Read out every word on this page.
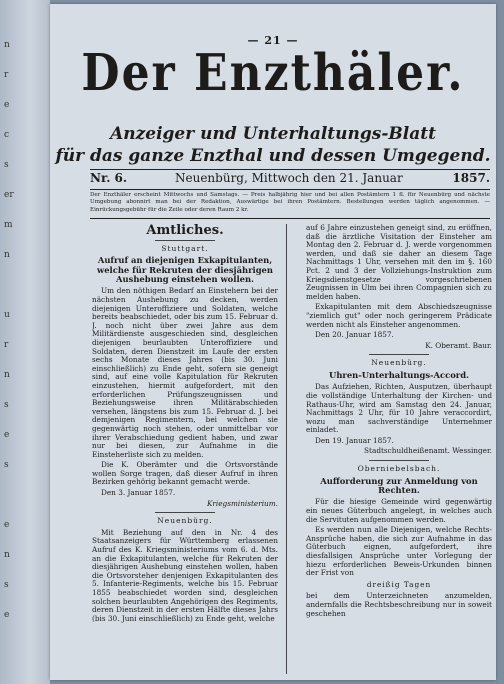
n
r
e
c
s
er
m
n
u
r
n
s
e
s
e
n
s
e
— 21 —
Der Enzthäler.
Anzeiger und Unterhaltungs-Blatt
für das ganze Enzthal und dessen Umgegend.
Nr. 6.	Neuenbürg, Mittwoch den 21. Januar	1857.
Der Enzthäler erscheint Mittwochs und Samstags. — Preis halbjährig hier und bei allen Postämtern 1 fl. für Neuenbürg und nächste Umgebung abonnirt man bei der Redaktion, Auswärtige bei ihren Postämtern. Bestellungen werden täglich angenommen. — Einrückungsgebühr für die Zeile oder deren Raum 2 kr.

Amtliches.

Stuttgart.

Aufruf an diejenigen Exkapitulanten, welche für Rekruten der diesjährigen Aushebung einstehen wollen.

Um den nöthigen Bedarf an Einstehern bei der nächsten Aushebung zu decken, werden diejenigen Unteroffiziere und Soldaten, welche bereits beabschiedet, oder bis zum 15. Februar d. J. noch nicht über zwei Jahre aus dem Militärdienste ausgeschieden sind, desgleichen diejenigen beurlaubten Unteroffiziere und Soldaten, deren Dienstzeit im Laufe der ersten sechs Monate dieses Jahres (bis 30. Juni einschließlich) zu Ende geht, sofern sie geneigt sind, auf eine volle Kapitulation für Rekruten einzustehen, hiermit aufgefordert, mit den erforderlichen Prüfungszeugnissen und Beziehungsweise ihren Militärabschieden versehen, längstens bis zum 15. Februar d. J. bei demjenigen Regimentern, bei welchen sie gegenwärtig noch stehen, oder unmittelbar vor ihrer Verabschiedung gedient haben, und zwar nur bei diesen, zur Aufnahme in die Einsteherliste sich zu melden.

Die K. Oberämter und die Ortsvorstände wollen Sorge tragen, daß dieser Aufruf in ihren Bezirken gehörig bekannt gemacht werde.

Den 3. Januar 1857.

Kriegsministerium.

Neuenbürg.

Mit Beziehung auf den in Nr. 4 des Staatsanzeigers für Württemberg erlassenen Aufruf des K. Kriegsministeriums vom 6. d. Mts. an die Exkapitulanten, welche für Rekruten der diesjährigen Aushebung einstehen wollen, haben die Ortsvorsteher denjenigen Exkapitulanten des 5. Infanterie-Regiments, welche bis 15. Februar 1855 beabschiedet worden sind, desgleichen solchen beurlaubten Angehörigen des Regiments, deren Dienstzeit in der ersten Hälfte dieses Jahrs (bis 30. Juni einschließlich) zu Ende geht, welche

auf 6 Jahre einzustehen geneigt sind, zu eröffnen, daß die ärztliche Visitation der Einsteher am Montag den 2. Februar d. J. werde vorgenommen werden, und daß sie daher an diesem Tage Nachmittags 1 Uhr, versehen mit den im §. 160 Pct. 2 und 3 der Vollziehungs-Instruktion zum Kriegsdienstgesetze vorgeschriebenen Zeugnissen in Ulm bei ihren Compagnien sich zu melden haben.

Exkapitulanten mit dem Abschiedszeugnisse "ziemlich gut" oder noch geringerem Prädicate werden nicht als Einsteher angenommen.

Den 20. Januar 1857.

K. Oberamt. Baur.

Neuenbürg.

Uhren-Unterhaltungs-Accord.

Das Aufziehen, Richten, Ausputzen, überhaupt die vollständige Unterhaltung der Kirchen- und Rathaus-Uhr, wird am Samstag den 24. Januar, Nachmittags 2 Uhr, für 10 Jahre veraccordirt, wozu man sachverständige Unternehmer einladet.

Den 19. Januar 1857.

Stadtschuldheißenamt. Wessinger.

Oberniebelsbach.

Aufforderung zur Anmeldung von Rechten.

Für die hiesige Gemeinde wird gegenwärtig ein neues Güterbuch angelegt, in welches auch die Servituten aufgenommen werden.

Es werden nun alle Diejenigen, welche Rechts-Ansprüche haben, die sich zur Aufnahme in das Güterbuch eignen, aufgefordert, ihre diesfallsigen Ansprüche unter Vorlegung der hiezu erforderlichen Beweis-Urkunden binnen der Frist von

dreißig Tagen

bei dem Unterzeichneten anzumelden, andernfalls die Rechtsbeschreibung nur in soweit geschehen
